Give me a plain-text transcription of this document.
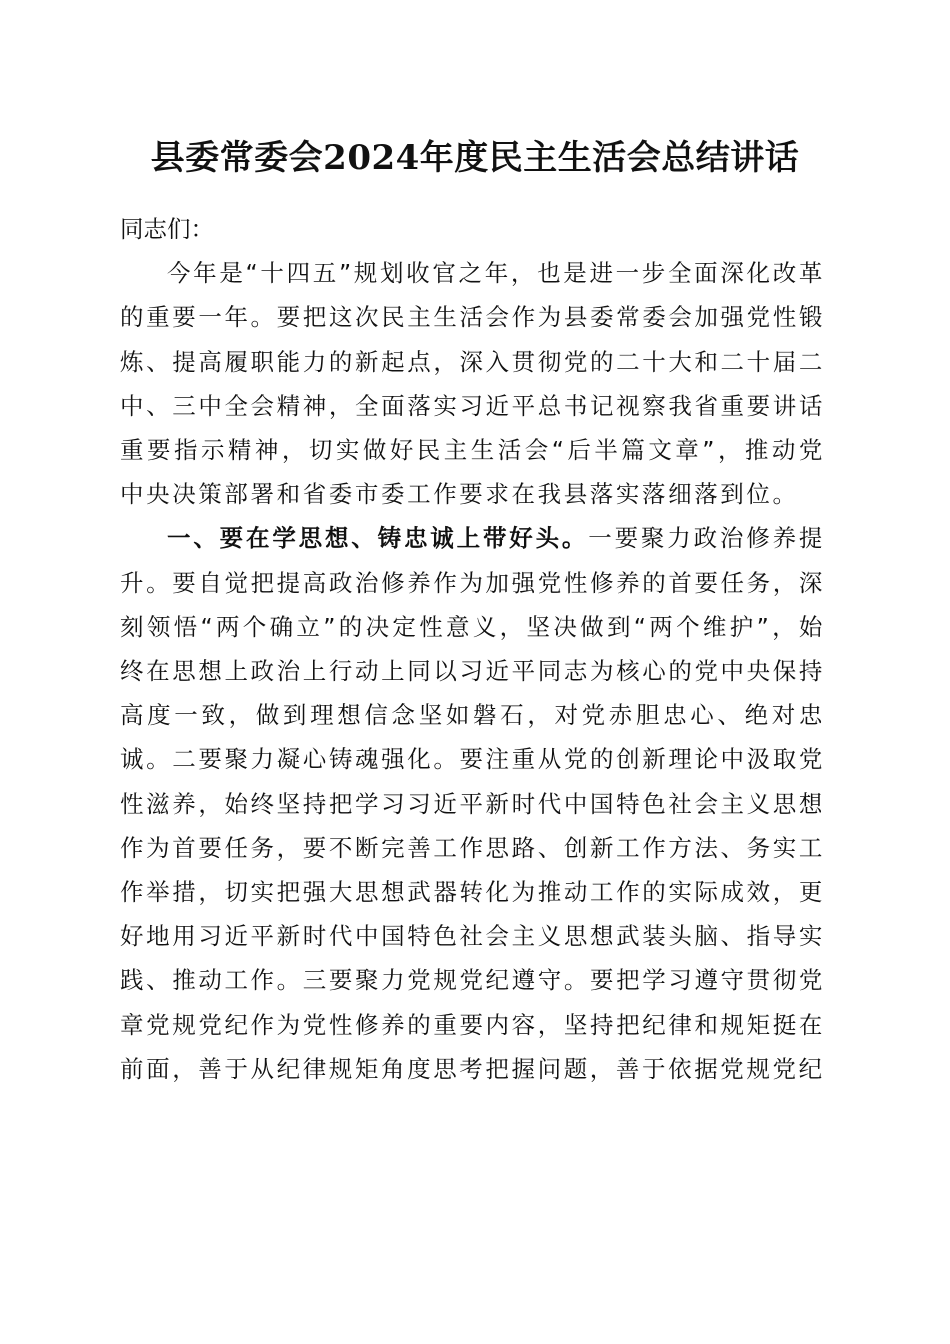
县委常委会2024年度民主生活会总结讲话

同志们：

今年是“十四五”规划收官之年，也是进一步全面深化改革的重要一年。要把这次民主生活会作为县委常委会加强党性锻炼、提高履职能力的新起点，深入贯彻党的二十大和二十届二中、三中全会精神，全面落实习近平总书记视察我省重要讲话重要指示精神，切实做好民主生活会“后半篇文章”，推动党中央决策部署和省委市委工作要求在我县落实落细落到位。

一、要在学思想、铸忠诚上带好头。一要聚力政治修养提升。要自觉把提高政治修养作为加强党性修养的首要任务，深刻领悟“两个确立”的决定性意义，坚决做到“两个维护”，始终在思想上政治上行动上同以习近平同志为核心的党中央保持高度一致，做到理想信念坚如磐石，对党赤胆忠心、绝对忠诚。二要聚力凝心铸魂强化。要注重从党的创新理论中汲取党性滋养，始终坚持把学习习近平新时代中国特色社会主义思想作为首要任务，要不断完善工作思路、创新工作方法、务实工作举措，切实把强大思想武器转化为推动工作的实际成效，更好地用习近平新时代中国特色社会主义思想武装头脑、指导实践、推动工作。三要聚力党规党纪遵守。要把学习遵守贯彻党章党规党纪作为党性修养的重要内容，坚持把纪律和规矩挺在前面，善于从纪律规矩角度思考把握问题，善于依据党规党纪
